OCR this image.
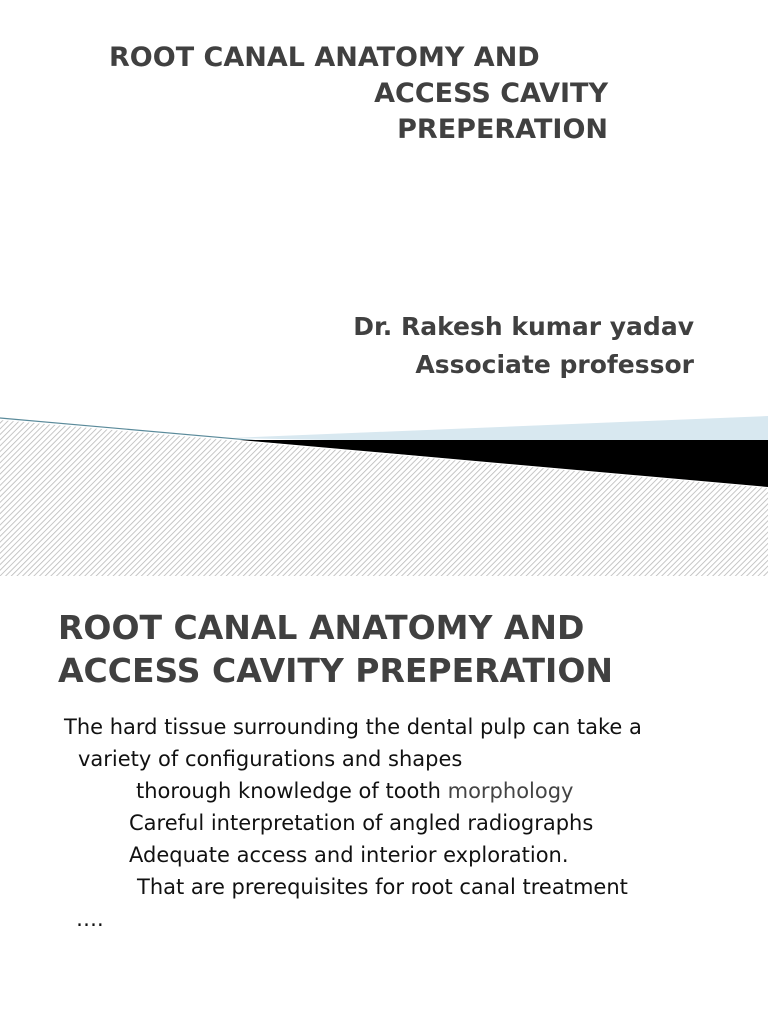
ROOT CANAL ANATOMY AND
ACCESS CAVITY
PREPERATION
Dr. Rakesh kumar yadav
Associate professor
ROOT CANAL ANATOMY AND
ACCESS CAVITY PREPERATION
The hard tissue surrounding the dental pulp can take a
variety of configurations and shapes
thorough knowledge of tooth morphology
Careful interpretation of angled radiographs
Adequate access and interior exploration.
That are prerequisites for root canal treatment
….
